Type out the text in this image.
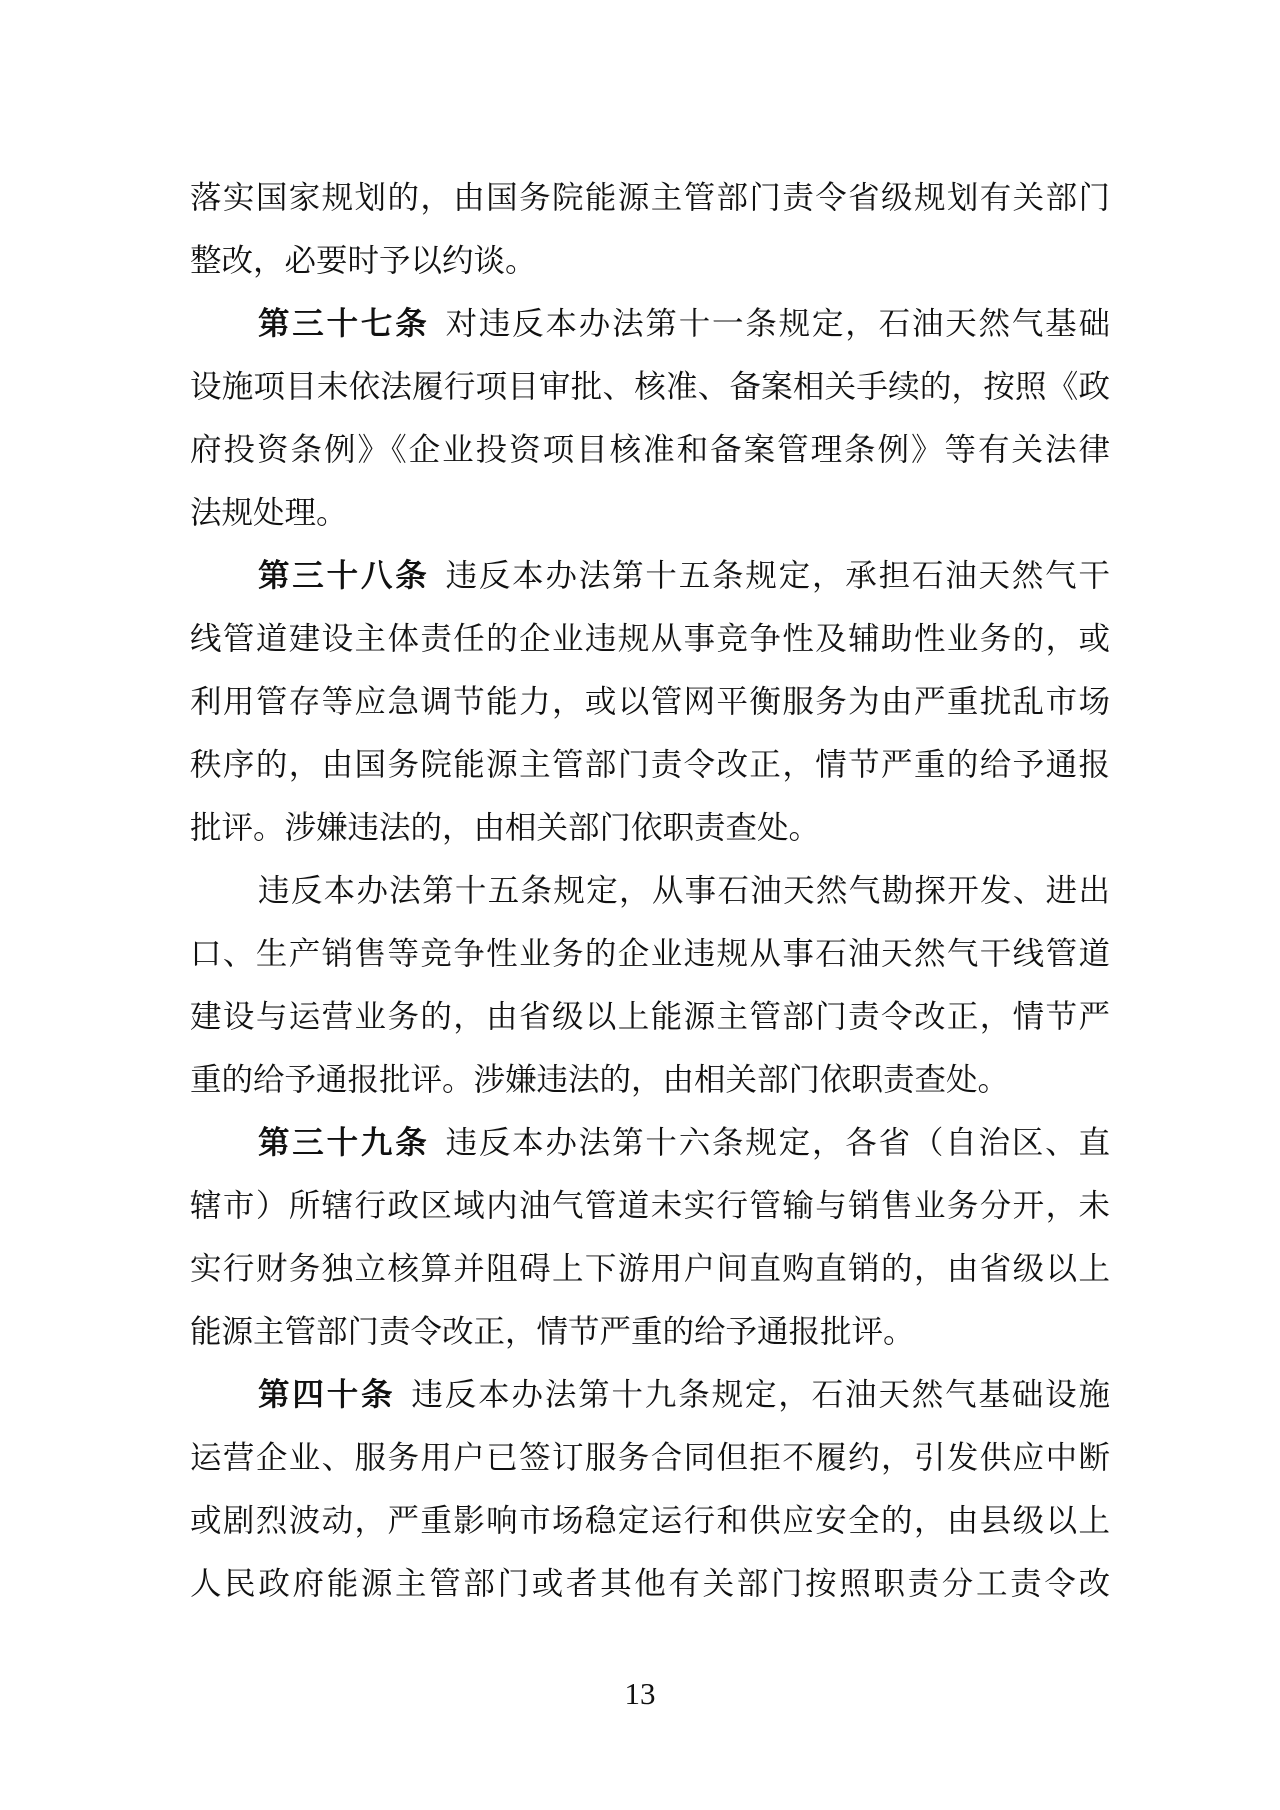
落实国家规划的，由国务院能源主管部门责令省级规划有关部门
整改，必要时予以约谈。
第三十七条 对违反本办法第十一条规定，石油天然气基础
设施项目未依法履行项目审批、核准、备案相关手续的，按照《政
府投资条例》《企业投资项目核准和备案管理条例》等有关法律
法规处理。
第三十八条 违反本办法第十五条规定，承担石油天然气干
线管道建设主体责任的企业违规从事竞争性及辅助性业务的，或
利用管存等应急调节能力，或以管网平衡服务为由严重扰乱市场
秩序的，由国务院能源主管部门责令改正，情节严重的给予通报
批评。涉嫌违法的，由相关部门依职责查处。
违反本办法第十五条规定，从事石油天然气勘探开发、进出
口、生产销售等竞争性业务的企业违规从事石油天然气干线管道
建设与运营业务的，由省级以上能源主管部门责令改正，情节严
重的给予通报批评。涉嫌违法的，由相关部门依职责查处。
第三十九条 违反本办法第十六条规定，各省（自治区、直
辖市）所辖行政区域内油气管道未实行管输与销售业务分开，未
实行财务独立核算并阻碍上下游用户间直购直销的，由省级以上
能源主管部门责令改正，情节严重的给予通报批评。
第四十条 违反本办法第十九条规定，石油天然气基础设施
运营企业、服务用户已签订服务合同但拒不履约，引发供应中断
或剧烈波动，严重影响市场稳定运行和供应安全的，由县级以上
人民政府能源主管部门或者其他有关部门按照职责分工责令改
13
